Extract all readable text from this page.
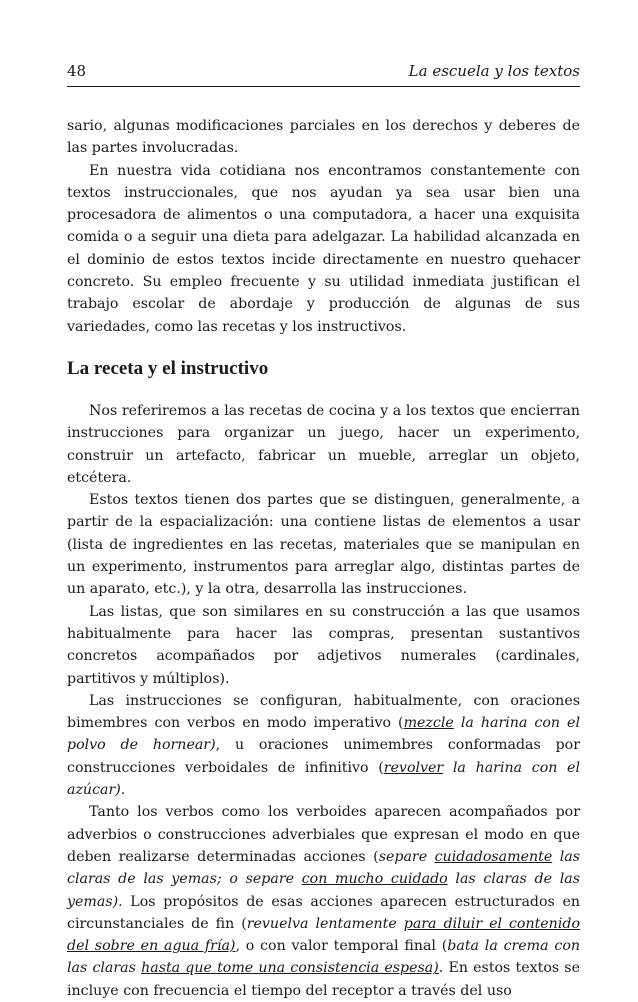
48	La escuela y los textos

sario, algunas modificaciones parciales en los derechos y deberes de las partes involucradas.

En nuestra vida cotidiana nos encontramos constantemente con textos instruccionales, que nos ayudan ya sea usar bien una procesadora de alimentos o una computadora, a hacer una exquisita comida o a seguir una dieta para adelgazar. La habilidad alcanzada en el dominio de estos textos incide directamente en nuestro quehacer concreto. Su empleo frecuente y su utilidad inmediata justifican el trabajo escolar de abordaje y producción de algunas de sus variedades, como las recetas y los instructivos.

La receta y el instructivo

Nos referiremos a las recetas de cocina y a los textos que encierran instrucciones para organizar un juego, hacer un experimento, construir un artefacto, fabricar un mueble, arreglar un objeto, etcétera.

Estos textos tienen dos partes que se distinguen, generalmente, a partir de la espacialización: una contiene listas de elementos a usar (lista de ingredientes en las recetas, materiales que se manipulan en un experimento, instrumentos para arreglar algo, distintas partes de un aparato, etc.), y la otra, desarrolla las instrucciones.

Las listas, que son similares en su construcción a las que usamos habitualmente para hacer las compras, presentan sustantivos concretos acompañados por adjetivos numerales (cardinales, partitivos y múltiplos).

Las instrucciones se configuran, habitualmente, con oraciones bimembres con verbos en modo imperativo (mezcle la harina con el polvo de hornear), u oraciones unimembres conformadas por construcciones verboidales de infinitivo (revolver la harina con el azúcar).

Tanto los verbos como los verboides aparecen acompañados por adverbios o construcciones adverbiales que expresan el modo en que deben realizarse determinadas acciones (separe cuidadosamente las claras de las yemas; o separe con mucho cuidado las claras de las yemas). Los propósitos de esas acciones aparecen estructurados en circunstanciales de fin (revuelva lentamente para diluir el contenido del sobre en agua fría), o con valor temporal final (bata la crema con las claras hasta que tome una consistencia espesa). En estos textos se incluye con frecuencia el tiempo del receptor a través del uso
